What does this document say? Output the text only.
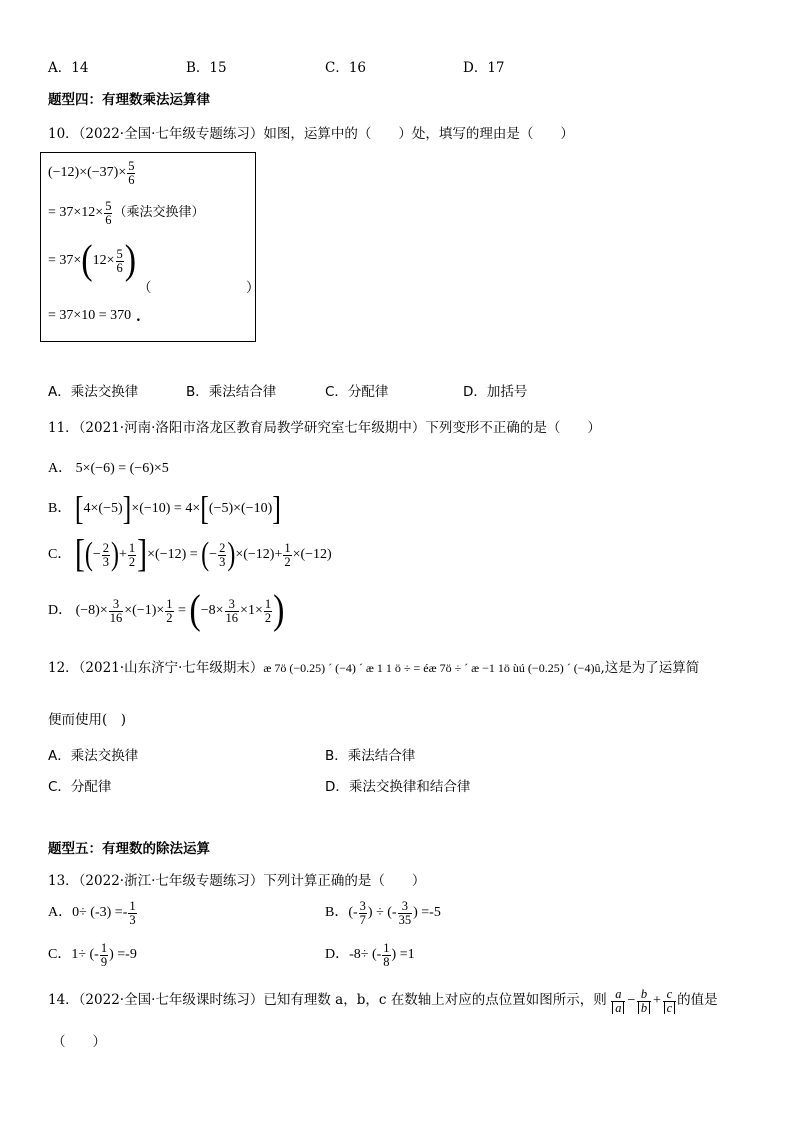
A．14	B．15	C．16	D．17
题型四：有理数乘法运算律
10．（2022·全国·七年级专题练习）如图，运算中的（　　）处，填写的理由是（　　）
$(-12)\times(-37)\times \frac{5}{6}$
= $37\times 12\times \frac{5}{6}$ （乘法交换律）
= $37\times(12\times \frac{5}{6}$ )
（　　　　　　　）
= 37×10 = 370 .
A．乘法交换律	B．乘法结合律	C．分配律	D．加括号
11．（2021·河南·洛阳市洛龙区教育局教学研究室七年级期中）下列变形不正确的是（　　）
A． 5×(−6) = (−6)×5
B． [4×(−5)]×(−10) = 4×[(−5)×(−10)]
C． [(− $\frac{2}{3}$ )+ $\frac{1}{2} ]\times(-12)$ = (− $\frac{2}{3} )\times(-12)+ \frac{1}{2} \times(-12)$
D． $(-8)\times \frac{3}{16} \times(-1)\times \frac{1}{2} = (-8\times \frac{3}{16} \times 1\times \frac{1}{2}$ )
12．（2021·山东济宁·七年级期末）æ 7ö (−0.25) ´ (−4) ´ æ 1 1 ö ÷ = éæ 7ö ÷ ´ æ −1 1ö ùú (−0.25) ´ (−4)û,这是为了运算简
便而使用(　)
A．乘法交换律	B．乘法结合律
C．分配律	D．乘法交换律和结合律
题型五：有理数的除法运算
13．（2022·浙江·七年级专题练习）下列计算正确的是（　　）
A．$0\div (-3) =- \frac{1}{3}$	B．(- $\frac{3}{7}$ ) ÷ (- $\frac{3}{35}$ ) =-5
C．1÷ (- $\frac{1}{9}$ ) =-9	D．-8÷ (- $\frac{1}{8}$ ) =1
14．（2022·全国·七年级课时练习）已知有理数 a，b，c 在数轴上对应的点位置如图所示，则 $\frac{a}{a} - \frac{b}{b} + \frac{c}{c}$ 的值是
（　　）
